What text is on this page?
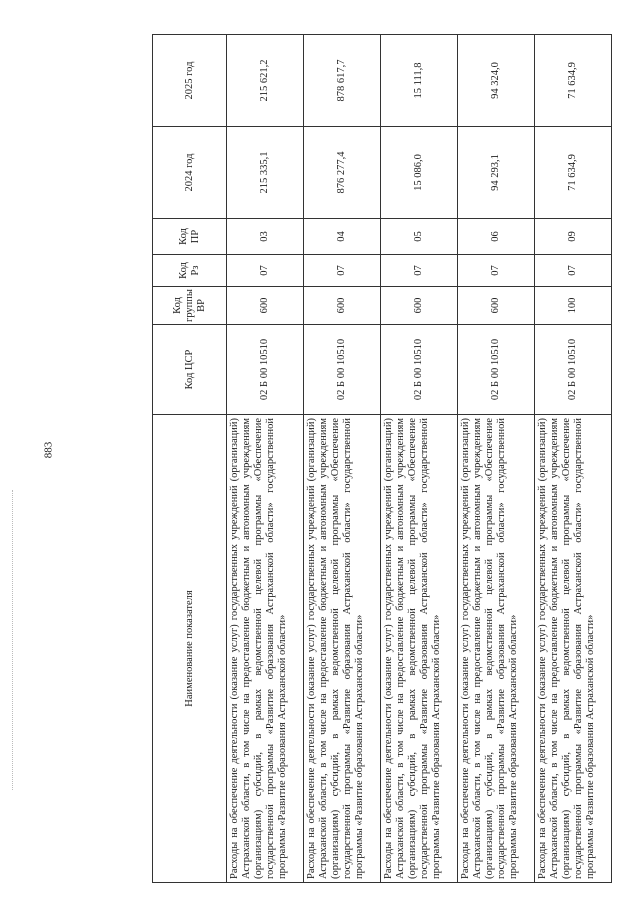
883
Наименование показателя	Код ЦСР	Код группы ВР	Код Рз	Код ПР	2024 год	2025 год
Расходы на обеспечение деятельности (оказание услуг) государственных учреждений (организаций) Астраханской области, в том числе на предоставление бюджетным и автономным учреждениям (организациям) субсидий, в рамках ведомственной целевой программы «Обеспечение государственной программы «Развитие образования Астраханской области» государственной программы «Развитие образования Астраханской области»	02 Б 00 10510	600	07	03	215 335,1	215 621,2
Расходы на обеспечение деятельности (оказание услуг) государственных учреждений (организаций) Астраханской области, в том числе на предоставление бюджетным и автономным учреждениям (организациям) субсидий, в рамках ведомственной целевой программы «Обеспечение государственной программы «Развитие образования Астраханской области» государственной программы «Развитие образования Астраханской области»	02 Б 00 10510	600	07	04	876 277,4	878 617,7
Расходы на обеспечение деятельности (оказание услуг) государственных учреждений (организаций) Астраханской области, в том числе на предоставление бюджетным и автономным учреждениям (организациям) субсидий, в рамках ведомственной целевой программы «Обеспечение государственной программы «Развитие образования Астраханской области» государственной программы «Развитие образования Астраханской области»	02 Б 00 10510	600	07	05	15 086,0	15 111,8
Расходы на обеспечение деятельности (оказание услуг) государственных учреждений (организаций) Астраханской области, в том числе на предоставление бюджетным и автономным учреждениям (организациям) субсидий, в рамках ведомственной целевой программы «Обеспечение государственной программы «Развитие образования Астраханской области» государственной программы «Развитие образования Астраханской области»	02 Б 00 10510	600	07	06	94 293,1	94 324,0
Расходы на обеспечение деятельности (оказание услуг) государственных учреждений (организаций) Астраханской области, в том числе на предоставление бюджетным и автономным учреждениям (организациям) субсидий, в рамках ведомственной целевой программы «Обеспечение государственной программы «Развитие образования Астраханской области» государственной программы «Развитие образования Астраханской области»	02 Б 00 10510	100	07	09	71 634,9	71 634,9
